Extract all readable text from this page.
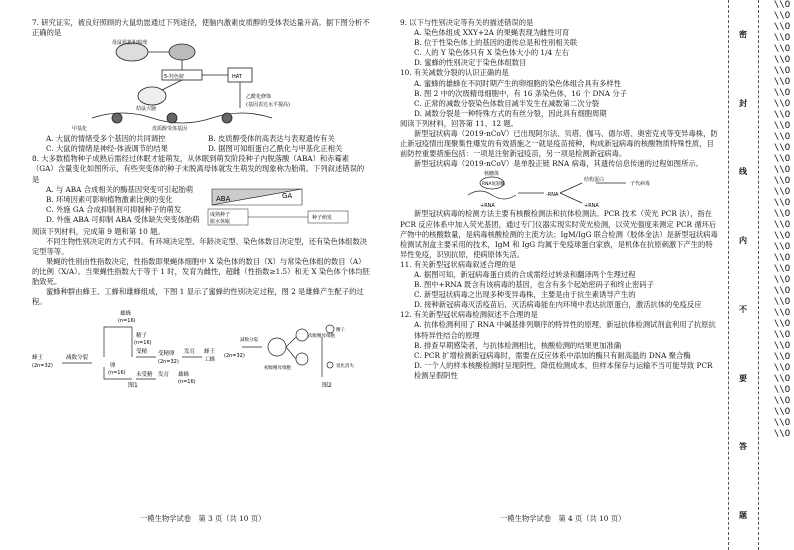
7. 研究证实，被良好照顾的大鼠幼崽通过下列途径，使脑内激素皮质醇的受体表达量升高。据下图分析不正确的是

母鼠舔舐和梳理
5-羟色胺	HAT
幼鼠大脑
甲基化	皮质醇受体基因
乙酰化修饰
(基因表达水平提高)
A. 大鼠的情绪受多个基因的共同调控	B. 皮质醇受体的高表达与表观遗传有关
C. 大鼠的情绪是神经-体液调节的结果	D. 据图可知组蛋白乙酰化与甲基化正相关

8. 大多数植物种子成熟后需经过休眠才能萌发，从休眠到萌发阶段种子内脱落酸（ABA）和赤霉素（GA）含量变化如图所示，有些突变体的种子未脱离母体就发生萌发的现象称为胎萌。下列叙述错误的是

A. 与 ABA 合成相关的酶基因突变可引起胎萌

B. 环境因素可影响植物激素比例的变化

C. 外施 GA 合成抑制剂可抑制种子的萌发

D. 外施 ABA 可抑制 ABA 受体缺失突变体胎萌

ABA	GA
成熟种子
脱水休眠
种子萌发

阅读下列材料，完成第 9 题和第 10 题。

不同生物性别决定的方式不同。有环境决定型、年龄决定型、染色体数目决定型，还有染色体组数决定型等等。

果蝇的性别由性指数决定，性指数即果蝇体细胞中 X 染色体的数目（X）与常染色体组的数目（A）的比例（X/A）。当果蝇性指数大于等于 1 时，发育为雌性，超雌（性指数≥1.5）和无 X 染色体个体均胚胎致死。

蜜蜂种群由蜂王、工蜂和雄蜂组成，下图 1 显示了蜜蜂的性别决定过程，图 2 是雄蜂产生配子的过程。

雄蜂
(n=16)
精子
(n=16)
蜂王
(2n=32)
减数分裂
卵
(n=16)
受精 受精卵
(2n=32)
发育 蜂王
工蜂
(2n=32)
未受精 发育 雄蜂
(n=16)
图1
初级精母细胞
次级精母细胞
减数分裂
精子
退化消失
图2

9. 以下与性别决定等有关的描述错误的是

A. 染色体组成 XXY+2A 的果蝇表现为雌性可育

B. 位于性染色体上的基因的遗传总是和性别相关联

C. 人的 Y 染色体只有 X 染色体大小的 1/4 左右

D. 蜜蜂的性别决定于染色体组数目

10. 有关减数分裂的认识正确的是

A. 蜜蜂的雄蜂在不同时期产生的卵细胞的染色体组合具有多样性

B. 图 2 中的次级精母细胞中，有 16 条染色体，16 个 DNA 分子

C. 正常的减数分裂染色体数目减半发生在减数第二次分裂

D. 减数分裂是一种特殊方式的有丝分裂，因此具有细胞周期

阅读下列材料，回答第 11、12 题。

新型冠状病毒（2019-nCoV）已出现阿尔法、贝塔、伽马、德尔塔、奥密克戎等变异毒株，防止新冠疫情出现聚集性爆发的有效措施之一就是疫苗接种，构成新冠病毒的核酸物质特殊性质，目前防控重要措施包括：一项是注射新冠疫苗，另一项是检测新冠病毒。

新型冠状病毒（2019-nCoV）是单股正链 RNA 病毒，其遗传信息传递的过程如图所示。

核糖体
RNA复制酶
+RNA
-RNA
+RNA
结构蛋白
子代病毒

新型冠状病毒的检测方法主要有核酸检测法和抗体检测法。PCR 技术（荧光 PCR 法），指在 PCR 反应体系中加入荧光基团，通过专门仪器实现实时荧光检测，以荧光强度来测定 PCR 循环后产物中的核酸数量，是病毒核酸检测的主流方法；IgM/IgG 联合检测（胶体金法）是新型冠状病毒检测试剂盒主要采用的技术，IgM 和 IgG 均属于免疫球蛋白家族，是机体在抗原刺激下产生的特异性免疫，识别抗原，使病原体失活。

11. 有关新型冠状病毒叙述合理的是

A. 据图可知，新冠病毒蛋白质的合成需经过转录和翻译两个生理过程

B. 图中+RNA 既含有该病毒的基因，也含有多个起始密码子和终止密码子

C. 新型冠状病毒之出现多种变异毒株，主要是由于抗生素诱导产生的

D. 接种新冠病毒灭活疫苗后，灭活病毒能在内环境中表达抗原蛋白，激活抗体的免疫反应

12. 有关新型冠状病毒检测叙述不合理的是

A. 抗体检测利用了 RNA 中碱基排列顺序的特异性的原理，新冠抗体检测试剂盒利用了抗原抗体特异性结合的原理

B. 排查早期感染者，与抗体检测相比，核酸检测的结果更加准确

C. PCR 扩增检测新冠病毒时，需要在反应体系中添加的酶只有耐高温的 DNA 聚合酶

D. 一个人的样本核酸检测时呈现阴性，降低检测成本，但样本保存与运输不当可能导致 PCR 检测呈假阴性

一模生物学试卷　第 3 页（共 10 页）	一模生物学试卷　第 4 页（共 10 页）
密
封
线
内
不
要
答
题
\\O\\O\\O\\O\\O\\O\\O\\O\\O\\O\\O\\O\\O\\O\\O\\O\\O\\O\\O\\O\\O\\O\\O\\O\\O\\O\\O\\O\\O\\O\\O\\O\\O\\O\\O\\O\\O\\O\\O\\O
